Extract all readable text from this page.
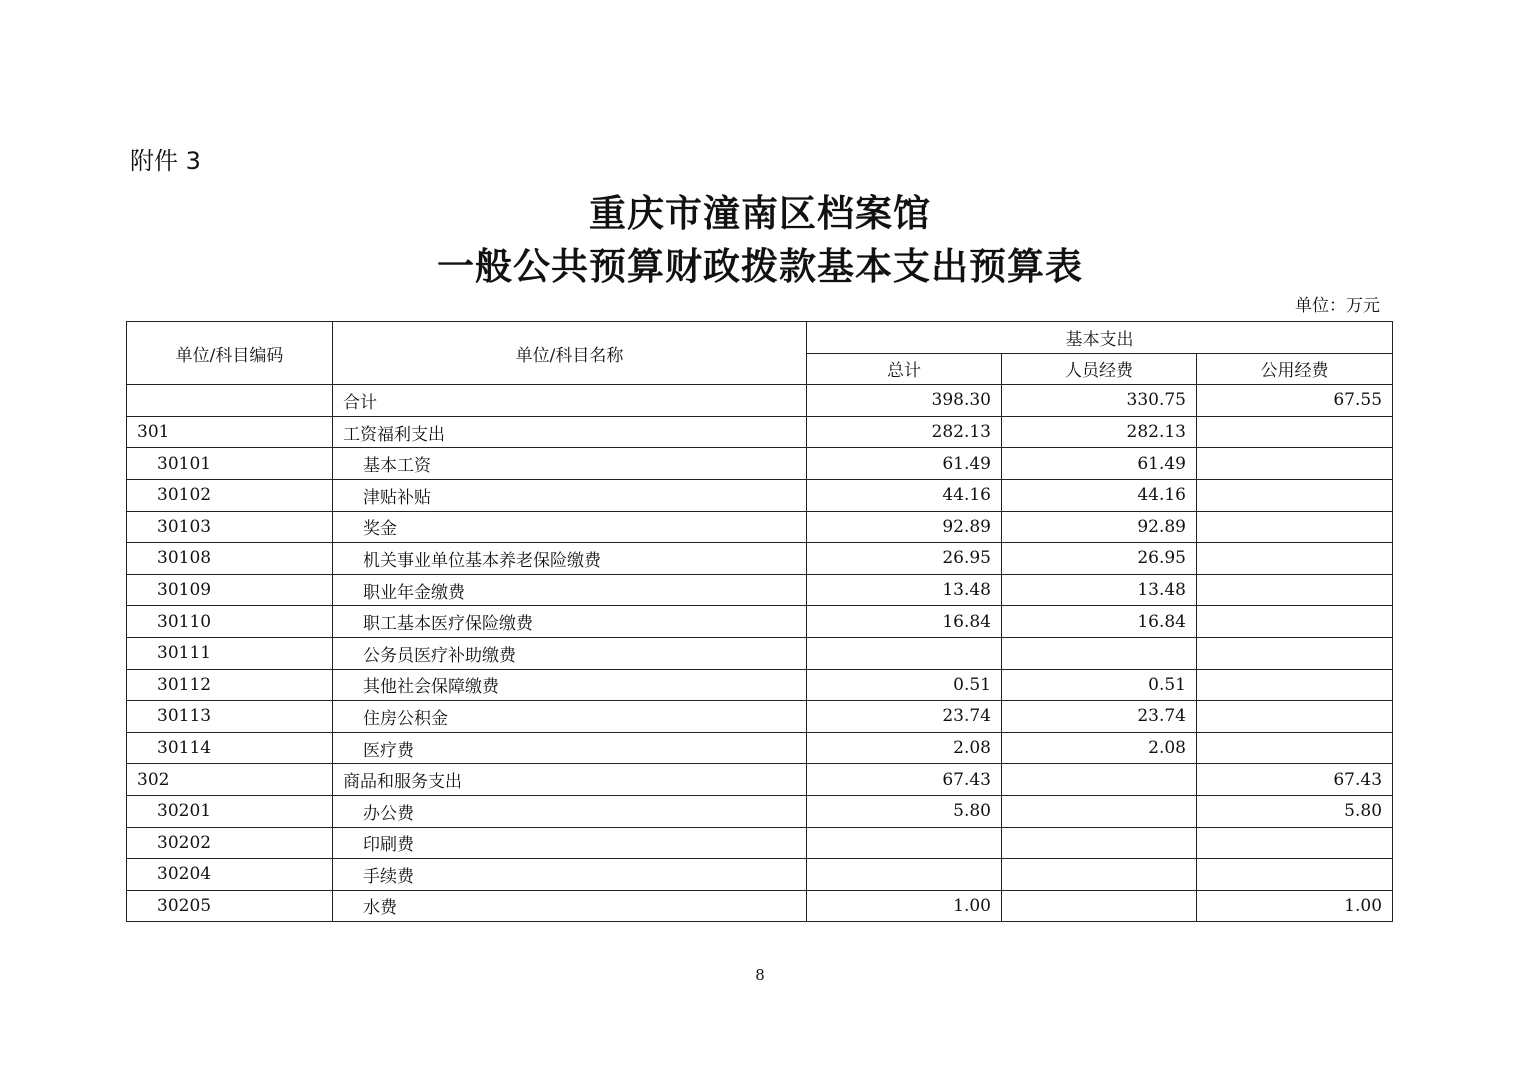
附件 3
重庆市潼南区档案馆
一般公共预算财政拨款基本支出预算表
单位：万元
单位/科目编码	单位/科目名称	基本支出		
		总计	人员经费	公用经费
	合计	398.30	330.75	67.55
301	工资福利支出	282.13	282.13	
30101	基本工资	61.49	61.49	
30102	津贴补贴	44.16	44.16	
30103	奖金	92.89	92.89	
30108	机关事业单位基本养老保险缴费	26.95	26.95	
30109	职业年金缴费	13.48	13.48	
30110	职工基本医疗保险缴费	16.84	16.84	
30111	公务员医疗补助缴费			
30112	其他社会保障缴费	0.51	0.51	
30113	住房公积金	23.74	23.74	
30114	医疗费	2.08	2.08	
302	商品和服务支出	67.43		67.43
30201	办公费	5.80		5.80
30202	印刷费			
30204	手续费			
30205	水费	1.00		1.00
8
